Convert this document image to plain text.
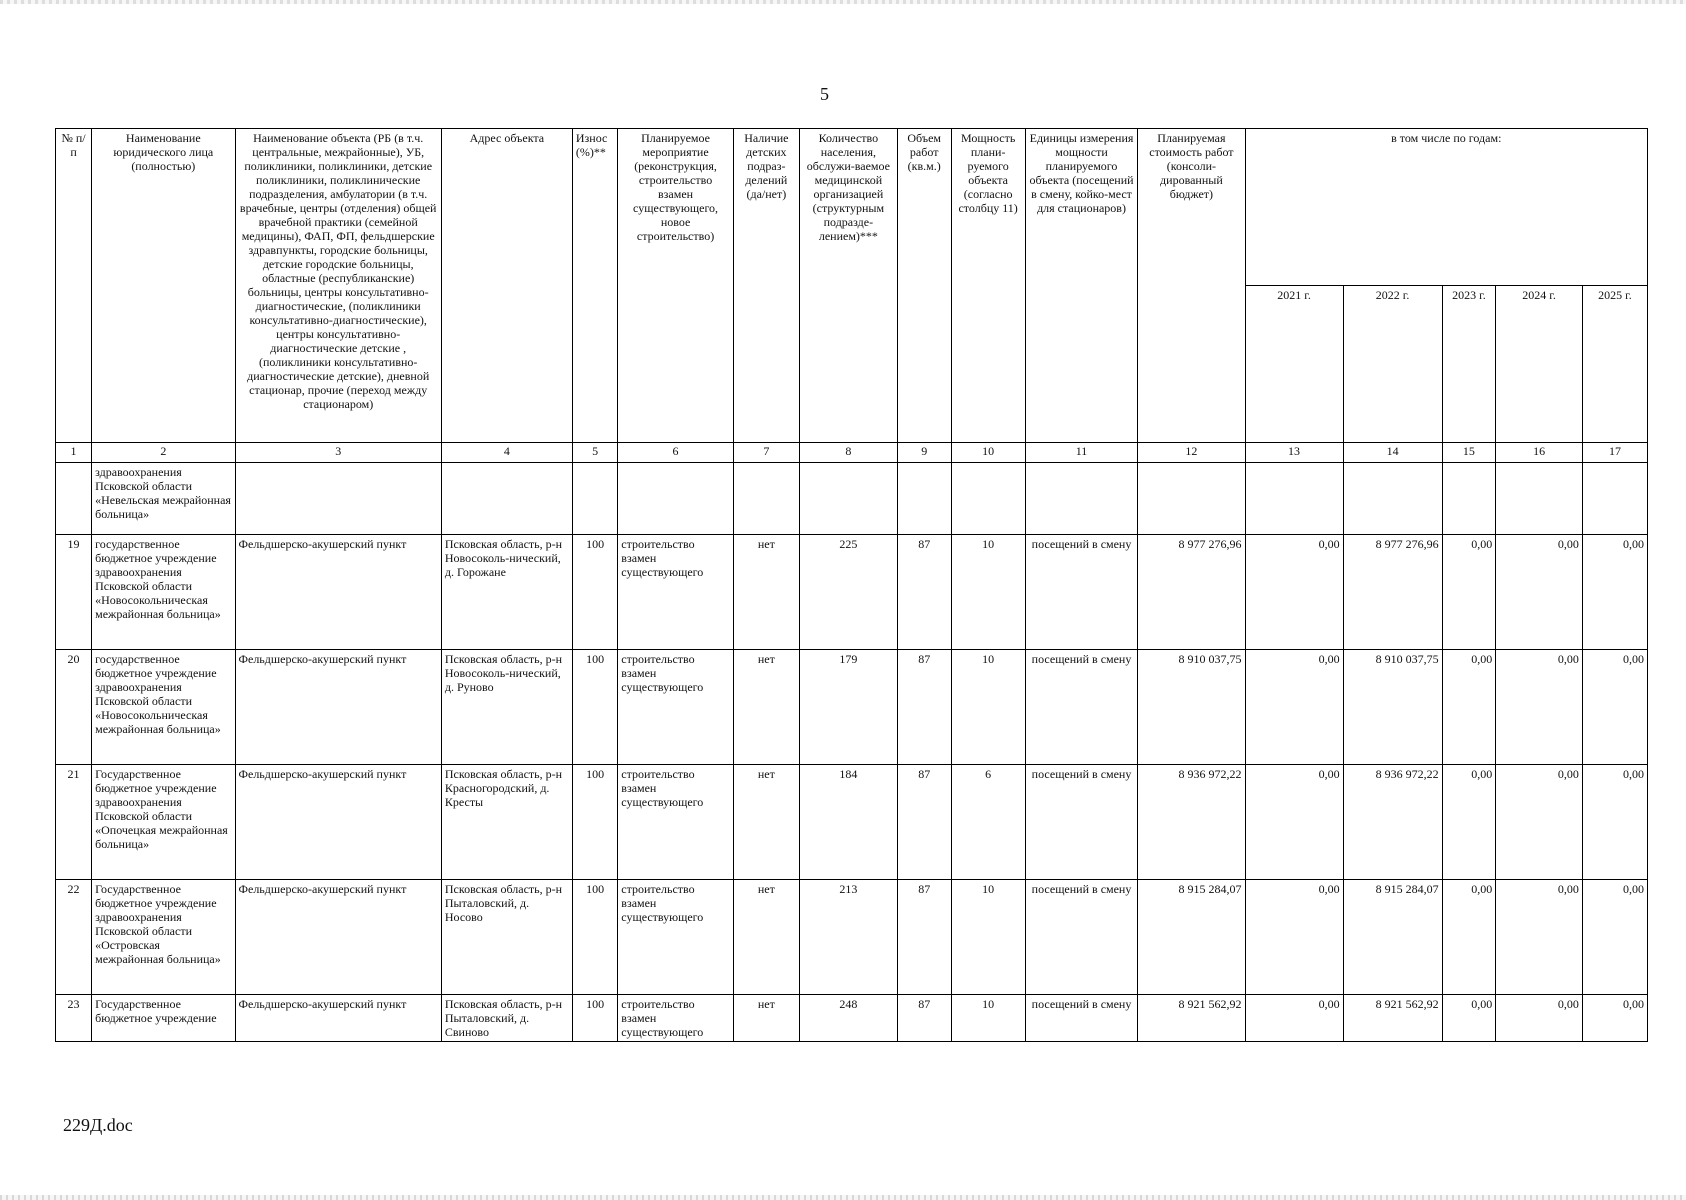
5
№ п/п	Наименование юридического лица (полностью)	Наименование объекта (РБ (в т.ч. центральные, межрайонные), УБ, поликлиники, поликлиники, детские поликлиники, поликлинические подразделения, амбулатории (в т.ч. врачебные, центры (отделения) общей врачебной практики (семейной медицины), ФАП, ФП, фельдшерские здравпункты, городские больницы, детские городские больницы, областные (республиканские) больницы, центры консультативно-диагностические, (поликлиники консультативно-диагностические), центры консультативно-диагностические детские , (поликлиники консультативно-диагностические детские), дневной стационар, прочие (переход между стационаром)	Адрес объекта	Износ (%)**	Планируемое мероприятие (реконструкция, строительство взамен существующего, новое строительство)	Наличие детских подраз-делений (да/нет)	Количество населения, обслужи-ваемое медицинской организацией (структурным подразде-лением)***	Объем работ (кв.м.)	Мощность плани-руемого объекта (согласно столбцу 11)	Единицы измерения мощности планируемого объекта (посещений в смену, койко-мест для стационаров)	Планируемая стоимость работ (консоли-дированный бюджет)	в том числе по годам:				
												2021 г.	2022 г.	2023 г.	2024 г.	2025 г.
1	2	3	4	5	6	7	8	9	10	11	12	13	14	15	16	17
	здравоохранения Псковской области «Невельская межрайонная больница»															
19	государственное бюджетное учреждение здравоохранения Псковской области «Новосокольническая межрайонная больница»	Фельдшерско-акушерский пункт	Псковская область, р-н Новосоколь-нический, д. Горожане	100	строительство взамен существующего	нет	225	87	10	посещений в смену	8 977 276,96	0,00	8 977 276,96	0,00	0,00	0,00
20	государственное бюджетное учреждение здравоохранения Псковской области «Новосокольническая межрайонная больница»	Фельдшерско-акушерский пункт	Псковская область, р-н Новосоколь-нический, д. Руново	100	строительство взамен существующего	нет	179	87	10	посещений в смену	8 910 037,75	0,00	8 910 037,75	0,00	0,00	0,00
21	Государственное бюджетное учреждение здравоохранения Псковской области «Опочецкая межрайонная больница»	Фельдшерско-акушерский пункт	Псковская область, р-н Красногородский, д. Кресты	100	строительство взамен существующего	нет	184	87	6	посещений в смену	8 936 972,22	0,00	8 936 972,22	0,00	0,00	0,00
22	Государственное бюджетное учреждение здравоохранения Псковской области «Островская межрайонная больница»	Фельдшерско-акушерский пункт	Псковская область, р-н Пыталовский, д. Носово	100	строительство взамен существующего	нет	213	87	10	посещений в смену	8 915 284,07	0,00	8 915 284,07	0,00	0,00	0,00
23	Государственное бюджетное учреждение	Фельдшерско-акушерский пункт	Псковская область, р-н Пыталовский, д. Свиново	100	строительство взамен существующего	нет	248	87	10	посещений в смену	8 921 562,92	0,00	8 921 562,92	0,00	0,00	0,00
229Д.doc
